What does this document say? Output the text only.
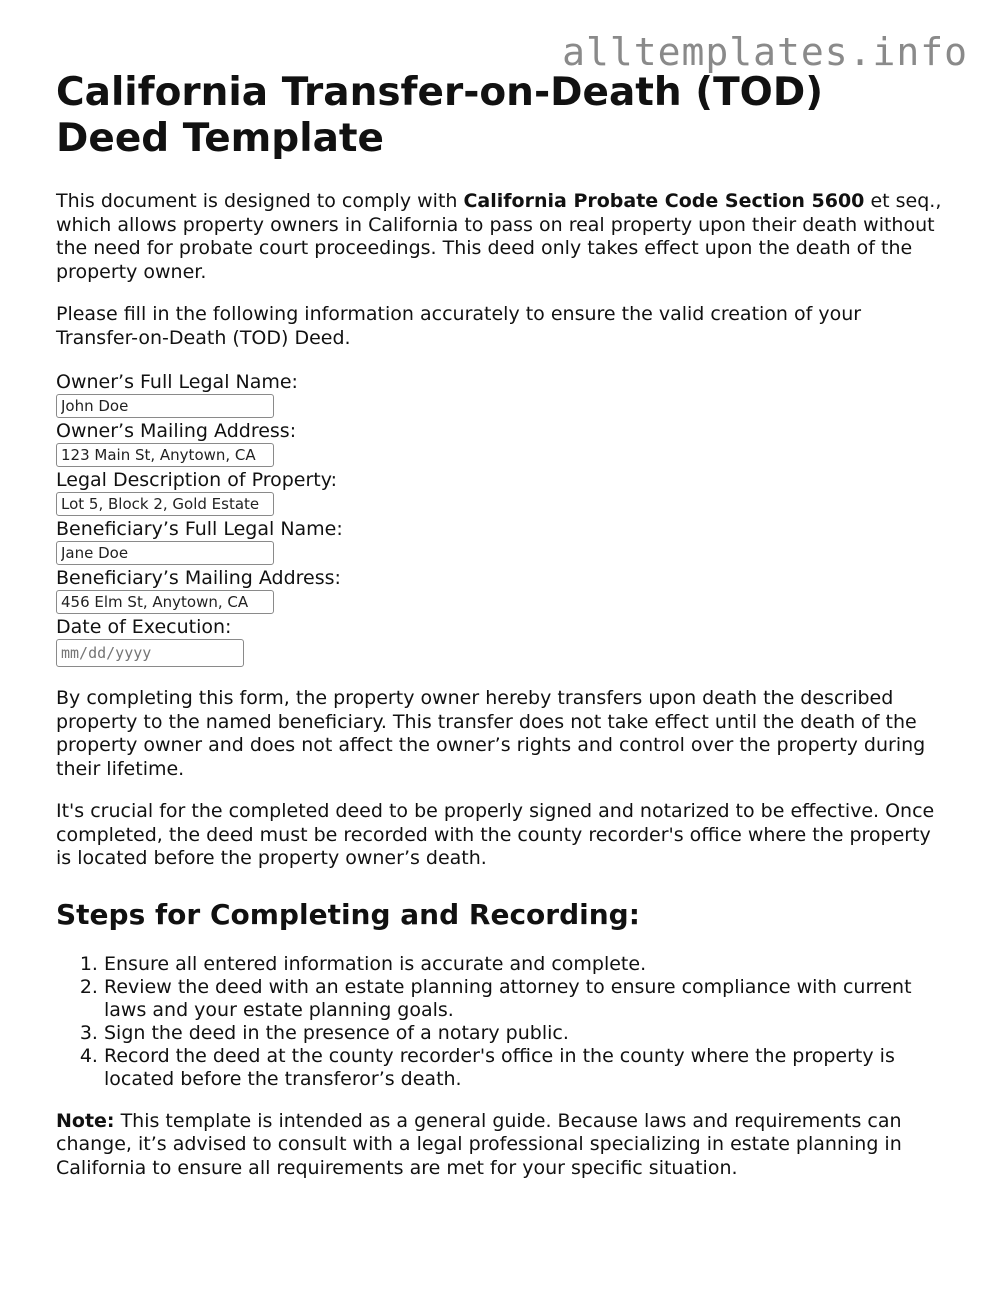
alltemplates.info
California Transfer-on-Death (TOD) Deed Template

This document is designed to comply with California Probate Code Section 5600 et seq., which allows property owners in California to pass on real property upon their death without the need for probate court proceedings. This deed only takes effect upon the death of the property owner.

Please fill in the following information accurately to ensure the valid creation of your Transfer-on-Death (TOD) Deed.

Owner’s Full Legal Name:
John Doe
Owner’s Mailing Address:
123 Main St, Anytown, CA
Legal Description of Property:
Lot 5, Block 2, Gold Estate
Beneficiary’s Full Legal Name:
Jane Doe
Beneficiary’s Mailing Address:
456 Elm St, Anytown, CA
Date of Execution:
mm/dd/yyyy

By completing this form, the property owner hereby transfers upon death the described property to the named beneficiary. This transfer does not take effect until the death of the property owner and does not affect the owner’s rights and control over the property during their lifetime.

It's crucial for the completed deed to be properly signed and notarized to be effective. Once completed, the deed must be recorded with the county recorder's office where the property is located before the property owner’s death.

Steps for Completing and Recording:
1. Ensure all entered information is accurate and complete.
2. Review the deed with an estate planning attorney to ensure compliance with current laws and your estate planning goals.
3. Sign the deed in the presence of a notary public.
4. Record the deed at the county recorder's office in the county where the property is located before the transferor’s death.

Note: This template is intended as a general guide. Because laws and requirements can change, it’s advised to consult with a legal professional specializing in estate planning in California to ensure all requirements are met for your specific situation.
